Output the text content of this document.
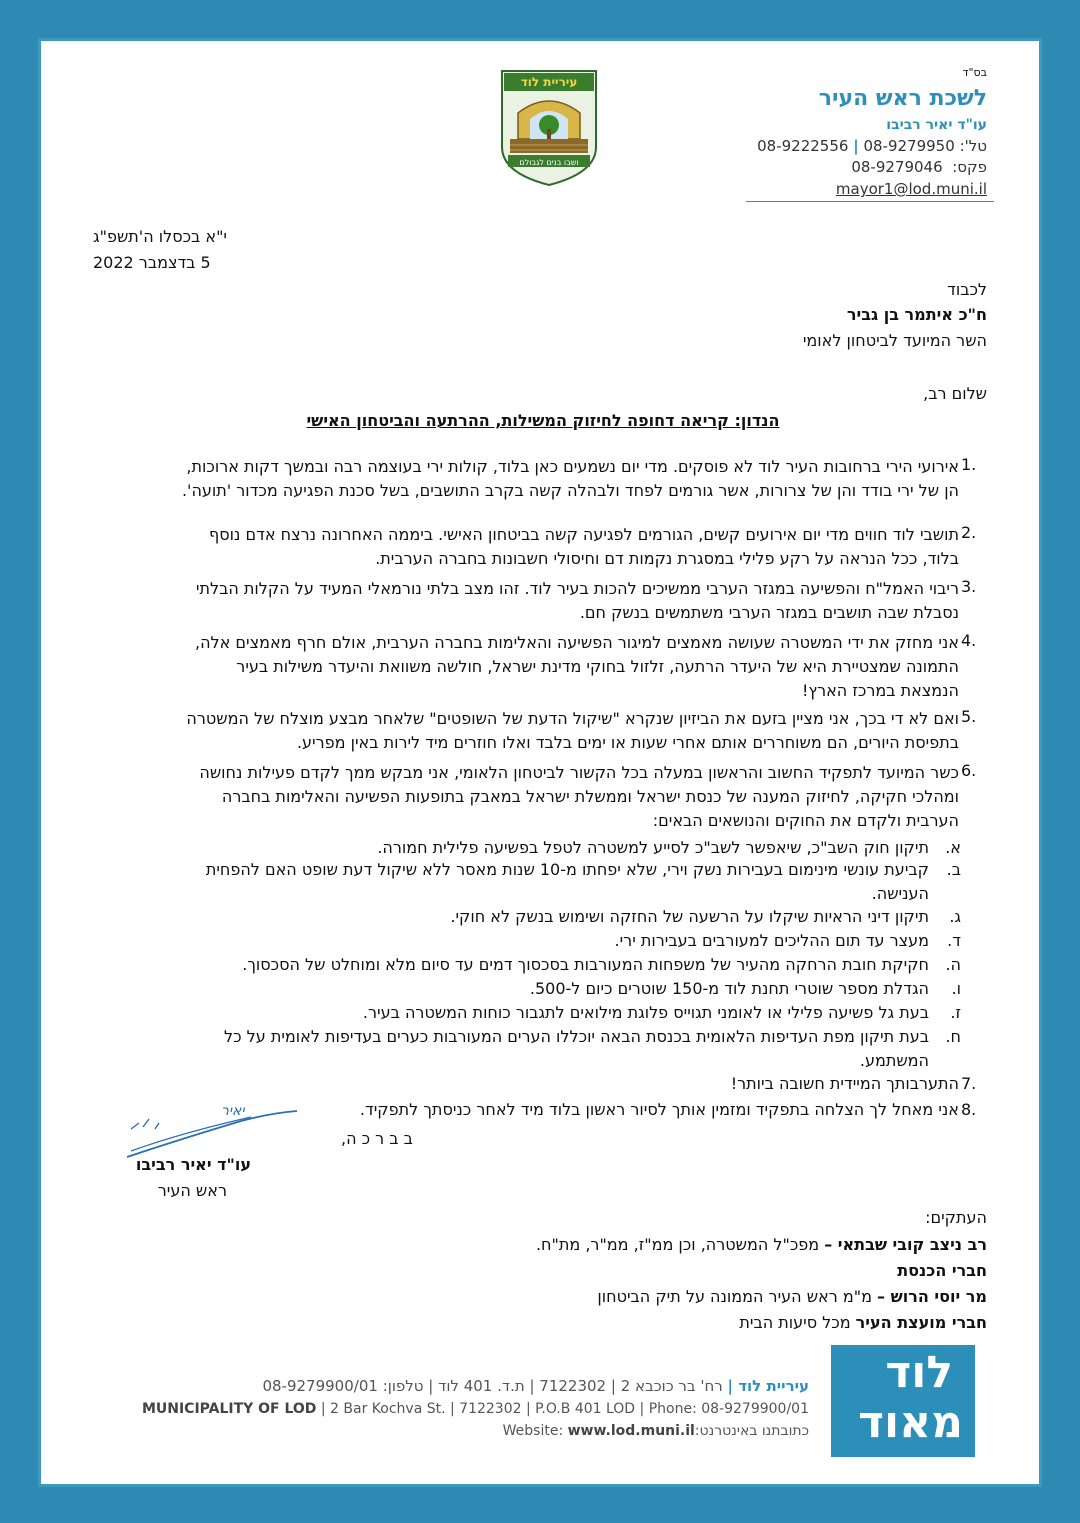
בס"ד
לשכת ראש העיר
עו"ד יאיר רביבו
טל': 08-9279950 | 08-9222556
פקס:  08-9279046
mayor1@lod.muni.il
עיריית לוד
ושבו בנים לגבולם
י"א בכסלו ה'תשפ"ג
5 בדצמבר 2022
לכבוד
ח"כ איתמר בן גביר
השר המיועד לביטחון לאומי
שלום רב,
הנדון: קריאה דחופה לחיזוק המשילות, ההרתעה והביטחון האישי
1.
אירועי הירי ברחובות העיר לוד לא פוסקים. מדי יום נשמעים כאן בלוד, קולות ירי בעוצמה רבה ובמשך דקות ארוכות,
הן של ירי בודד והן של צרורות, אשר גורמים לפחד ולבהלה קשה בקרב התושבים, בשל סכנת הפגיעה מכדור 'תועה'.
2.
תושבי לוד חווים מדי יום אירועים קשים, הגורמים לפגיעה קשה בביטחון האישי. ביממה האחרונה נרצח אדם נוסף
בלוד, ככל הנראה על רקע פלילי במסגרת נקמות דם וחיסולי חשבונות בחברה הערבית.
3.
ריבוי האמל"ח והפשיעה במגזר הערבי ממשיכים להכות בעיר לוד. זהו מצב בלתי נורמאלי המעיד על הקלות הבלתי
נסבלת שבה תושבים במגזר הערבי משתמשים בנשק חם.
4.
אני מחזק את ידי המשטרה שעושה מאמצים למיגור הפשיעה והאלימות בחברה הערבית, אולם חרף מאמצים אלה,
התמונה שמצטיירת היא של היעדר הרתעה, זלזול בחוקי מדינת ישראל, חולשה משוואת והיעדר משילות בעיר
הנמצאת במרכז הארץ!
5.
ואם לא די בכך, אני מציין בזעם את הביזיון שנקרא "שיקול הדעת של השופטים" שלאחר מבצע מוצלח של המשטרה
בתפיסת היורים, הם משוחררים אותם אחרי שעות או ימים בלבד ואלו חוזרים מיד לירות באין מפריע.
6.
כשר המיועד לתפקיד החשוב והראשון במעלה בכל הקשור לביטחון הלאומי, אני מבקש ממך לקדם פעילות נחושה
ומהלכי חקיקה, לחיזוק המענה של כנסת ישראל וממשלת ישראל במאבק בתופעות הפשיעה והאלימות בחברה
הערבית ולקדם את החוקים והנושאים הבאים:
א.
תיקון חוק השב"כ, שיאפשר לשב"כ לסייע למשטרה לטפל בפשיעה פלילית חמורה.
ב.
קביעת עונשי מינימום בעבירות נשק וירי, שלא יפחתו מ-10 שנות מאסר ללא שיקול דעת שופט האם להפחית
הענישה.
ג.
תיקון דיני הראיות שיקלו על הרשעה של החזקה ושימוש בנשק לא חוקי.
ד.
מעצר עד תום ההליכים למעורבים בעבירות ירי.
ה.
חקיקת חובת הרחקה מהעיר של משפחות המעורבות בסכסוך דמים עד סיום מלא ומוחלט של הסכסוך.
ו.
הגדלת מספר שוטרי תחנת לוד מ-150 שוטרים כיום ל-500.
ז.
בעת גל פשיעה פלילי או לאומני תגוייס פלוגת מילואים לתגבור כוחות המשטרה בעיר.
ח.
בעת תיקון מפת העדיפות הלאומית בכנסת הבאה יוכללו הערים המעורבות כערים בעדיפות לאומית על כל
המשתמע.
7.
התערבותך המיידית חשובה ביותר!
8.
אני מאחל לך הצלחה בתפקיד ומזמין אותך לסיור ראשון בלוד מיד לאחר כניסתך לתפקיד.
ב ב ר כ ה,
יאיר
עו"ד יאיר רביבו
ראש העיר
העתקים:
רב ניצב קובי שבתאי – מפכ"ל המשטרה, וכן ממ"ז, ממ"ר, מת"ח.
חברי הכנסת
מר יוסי הרוש – מ"מ ראש העיר הממונה על תיק הביטחון
חברי מועצת העיר מכל סיעות הבית
עיריית לוד | רח' בר כוכבא 2 | 7122302 | ת.ד. 401 לוד | טלפון: 08-9279900/01
MUNICIPALITY OF LOD | 2 Bar Kochva St. | 7122302 | P.O.B 401 LOD | Phone: 08-9279900/01
Website: www.lod.muni.ilכתובתנו באינטרנט:
לוד
מאוד
